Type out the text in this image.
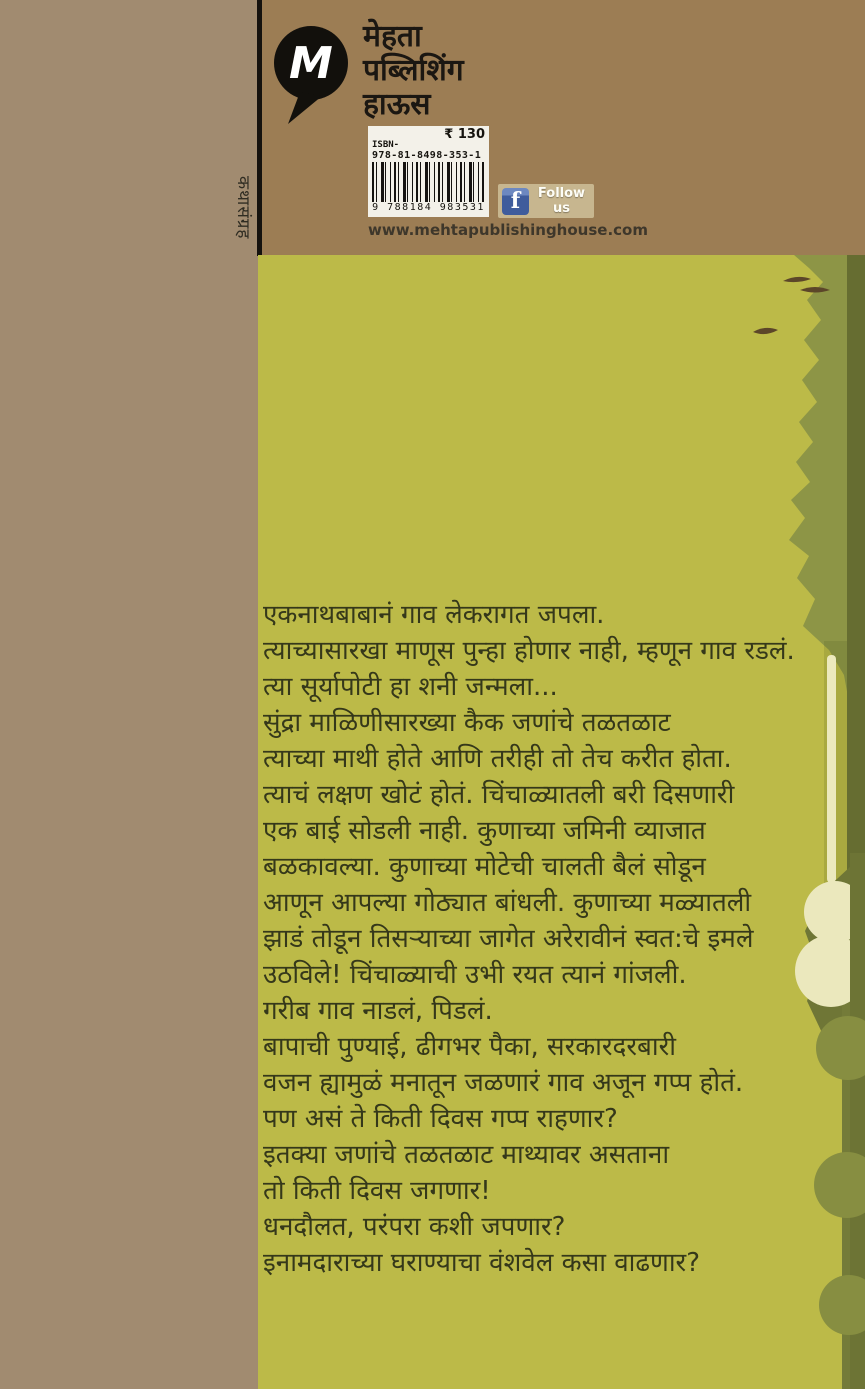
कथासंग्रह
M
मेहता
पब्लिशिंग
हाऊस
₹ 130
ISBN-
978-81-8498-353-1
9 788184 983531	f	Follow us
www.mehtapublishinghouse.com
एकनाथबाबानं गाव लेकरागत जपला.
त्याच्यासारखा माणूस पुन्हा होणार नाही, म्हणून गाव रडलं.
त्या सूर्यापोटी हा शनी जन्मला...
सुंद्रा माळिणीसारख्या कैक जणांचे तळतळाट
त्याच्या माथी होते आणि तरीही तो तेच करीत होता.
त्याचं लक्षण खोटं होतं. चिंचाळ्यातली बरी दिसणारी
एक बाई सोडली नाही. कुणाच्या जमिनी व्याजात
बळकावल्या. कुणाच्या मोटेची चालती बैलं सोडून
आणून आपल्या गोठ्यात बांधली. कुणाच्या मळ्यातली
झाडं तोडून तिसऱ्याच्या जागेत अरेरावीनं स्वत:चे इमले
उठविले! चिंचाळ्याची उभी रयत त्यानं गांजली.
गरीब गाव नाडलं, पिडलं.
बापाची पुण्याई, ढीगभर पैका, सरकारदरबारी
वजन ह्यामुळं मनातून जळणारं गाव अजून गप्प होतं.
पण असं ते किती दिवस गप्प राहणार?
इतक्या जणांचे तळतळाट माथ्यावर असताना
तो किती दिवस जगणार!
धनदौलत, परंपरा कशी जपणार?
इनामदाराच्या घराण्याचा वंशवेल कसा वाढणार?
